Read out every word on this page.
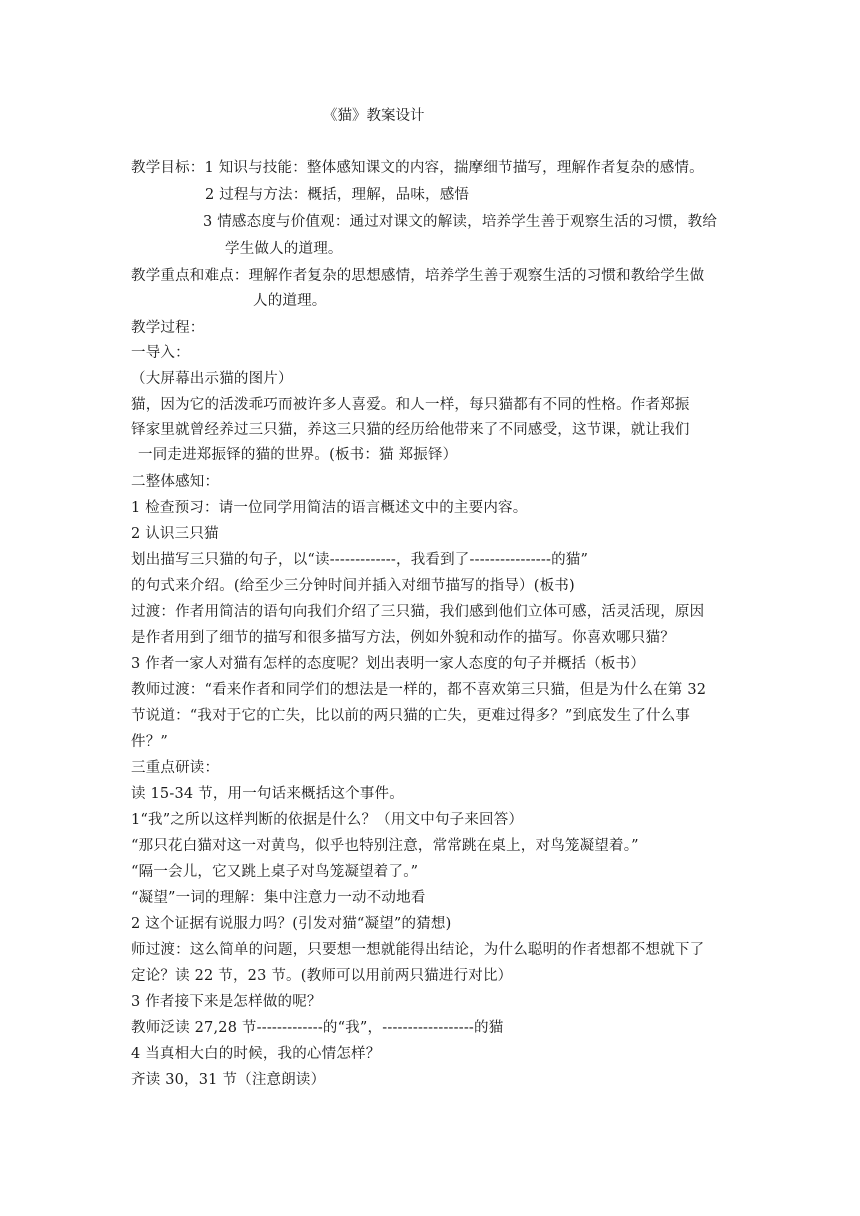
《猫》教案设计
教学目标：1 知识与技能：整体感知课文的内容，揣摩细节描写，理解作者复杂的感情。
2 过程与方法：概括，理解，品味，感悟
3 情感态度与价值观：通过对课文的解读，培养学生善于观察生活的习惯，教给
学生做人的道理。
教学重点和难点：理解作者复杂的思想感情，培养学生善于观察生活的习惯和教给学生做
人的道理。
教学过程：
一导入：
（大屏幕出示猫的图片）
猫，因为它的活泼乖巧而被许多人喜爱。和人一样，每只猫都有不同的性格。作者郑振
铎家里就曾经养过三只猫，养这三只猫的经历给他带来了不同感受，这节课，就让我们
一同走进郑振铎的猫的世界。(板书：猫 郑振铎）
二整体感知：
1 检查预习：请一位同学用简洁的语言概述文中的主要内容。
2 认识三只猫
划出描写三只猫的句子，以“读-------------，我看到了----------------的猫”
的句式来介绍。(给至少三分钟时间并插入对细节描写的指导）(板书)
过渡：作者用简洁的语句向我们介绍了三只猫，我们感到他们立体可感，活灵活现，原因
是作者用到了细节的描写和很多描写方法，例如外貌和动作的描写。你喜欢哪只猫？
3 作者一家人对猫有怎样的态度呢？划出表明一家人态度的句子并概括（板书）
教师过渡：“看来作者和同学们的想法是一样的，都不喜欢第三只猫，但是为什么在第 32
节说道：“我对于它的亡失，比以前的两只猫的亡失，更难过得多？”到底发生了什么事
件？”
三重点研读：
读 15-34 节，用一句话来概括这个事件。
1“我”之所以这样判断的依据是什么？（用文中句子来回答）
“那只花白猫对这一对黄鸟，似乎也特别注意，常常跳在桌上，对鸟笼凝望着。”
“隔一会儿，它又跳上桌子对鸟笼凝望着了。”
“凝望”一词的理解：集中注意力一动不动地看
2 这个证据有说服力吗？(引发对猫“凝望”的猜想)
师过渡：这么简单的问题，只要想一想就能得出结论，为什么聪明的作者想都不想就下了
定论？读 22 节，23 节。(教师可以用前两只猫进行对比）
3 作者接下来是怎样做的呢？
教师泛读 27,28 节-------------的“我”，------------------的猫
4 当真相大白的时候，我的心情怎样？
齐读 30，31 节（注意朗读）
